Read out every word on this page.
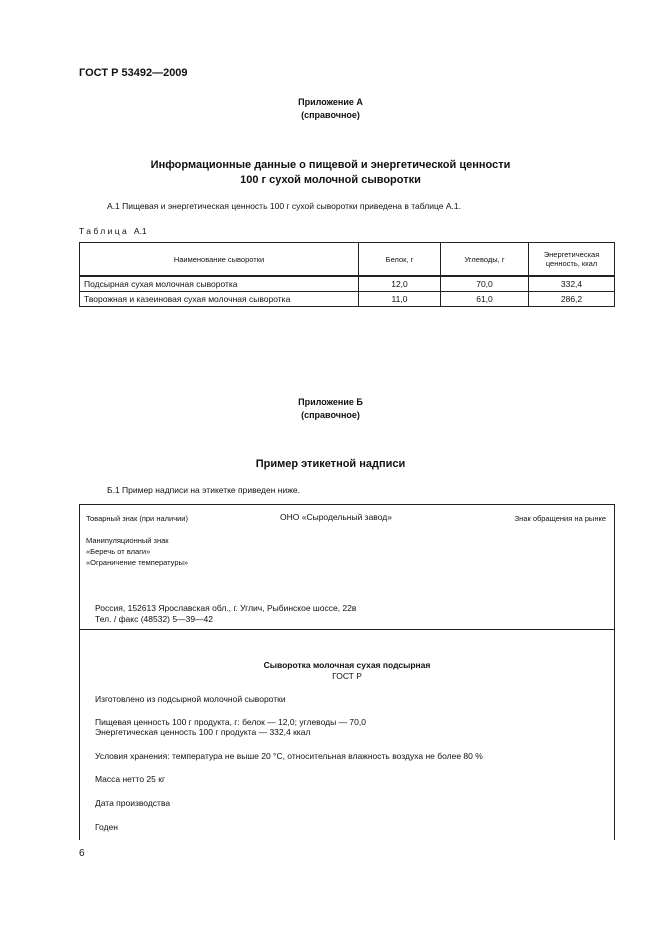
ГОСТ Р 53492—2009
Приложение А
(справочное)
Информационные данные о пищевой и энергетической ценности
100 г сухой молочной сыворотки
А.1 Пищевая и энергетическая ценность 100 г сухой сыворотки приведена в таблице А.1.
Таблица А.1
Наименование сыворотки	Белок, г	Углеводы, г	Энергетическая ценность, ккал
Подсырная сухая молочная сыворотка	12,0	70,0	332,4
Творожная и казеиновая сухая молочная сыворотка	11,0	61,0	286,2
Приложение Б
(справочное)
Пример этикетной надписи
Б.1 Пример надписи на этикетке приведен ниже.
Товарный знак (при наличии)	ОНО «Сыродельный завод»	Знак обращения на рынке
Манипуляционный знак
«Беречь от влаги»
«Ограничение температуры»
Россия, 152613 Ярославская обл., г. Углич, Рыбинское шоссе, 22в
Тел. / факс (48532) 5—39—42
Сыворотка молочная сухая подсырная
ГОСТ Р
Изготовлено из подсырной молочной сыворотки
Пищевая ценность 100 г продукта, г: белок — 12,0; углеводы — 70,0
Энергетическая ценность 100 г продукта — 332,4 ккал
Условия хранения: температура не выше 20 °С, относительная влажность воздуха не более 80 %
Масса нетто 25 кг
Дата производства
Годен
6
